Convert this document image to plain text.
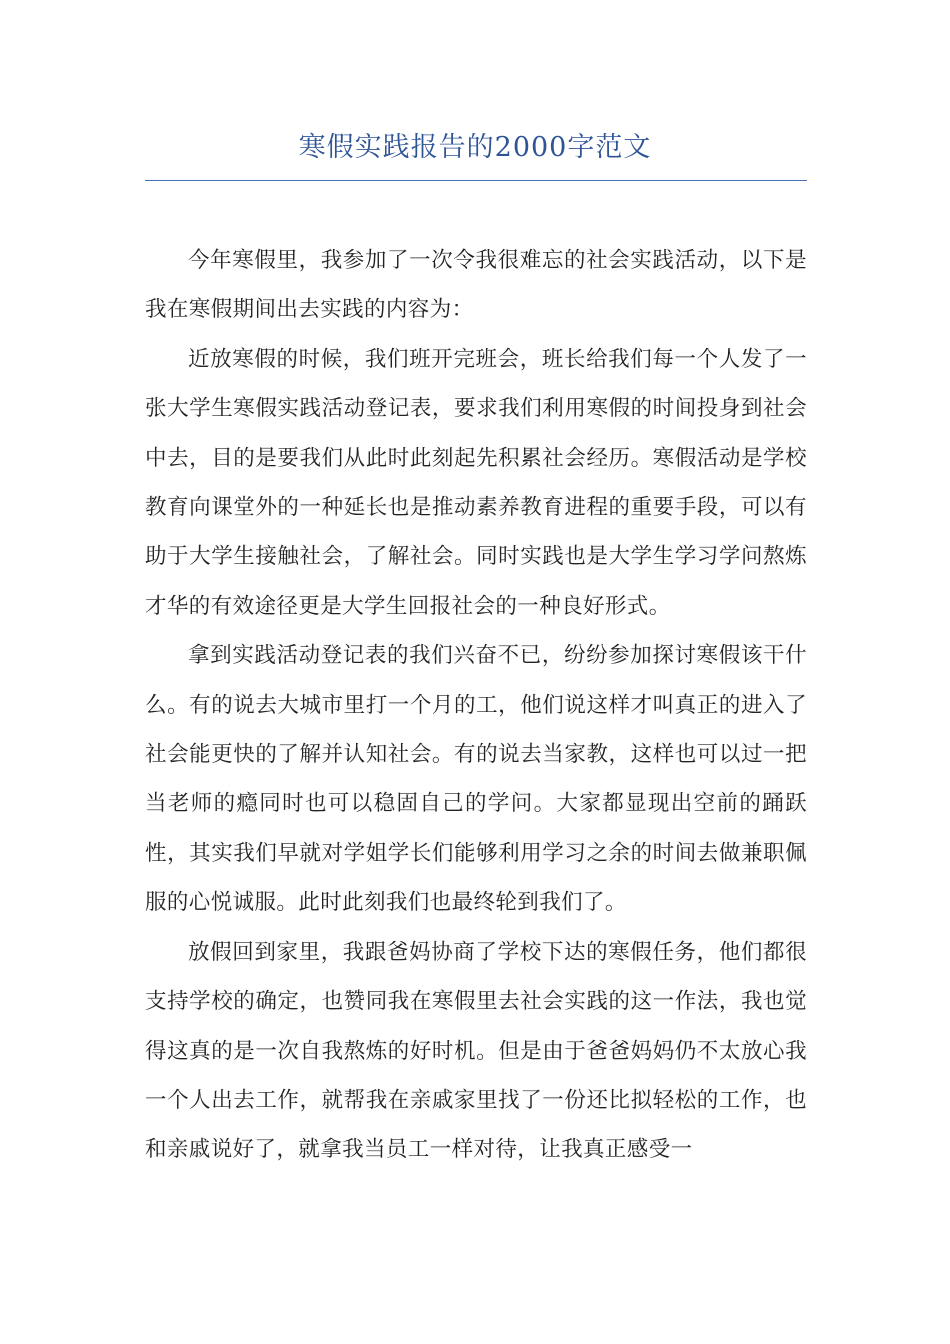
寒假实践报告的2000字范文

今年寒假里，我参加了一次令我很难忘的社会实践活动，以下是我在寒假期间出去实践的内容为：

近放寒假的时候，我们班开完班会，班长给我们每一个人发了一张大学生寒假实践活动登记表，要求我们利用寒假的时间投身到社会中去，目的是要我们从此时此刻起先积累社会经历。寒假活动是学校教育向课堂外的一种延长也是推动素养教育进程的重要手段，可以有助于大学生接触社会，了解社会。同时实践也是大学生学习学问熬炼才华的有效途径更是大学生回报社会的一种良好形式。

拿到实践活动登记表的我们兴奋不已，纷纷参加探讨寒假该干什么。有的说去大城市里打一个月的工，他们说这样才叫真正的进入了社会能更快的了解并认知社会。有的说去当家教，这样也可以过一把当老师的瘾同时也可以稳固自己的学问。大家都显现出空前的踊跃性，其实我们早就对学姐学长们能够利用学习之余的时间去做兼职佩服的心悦诚服。此时此刻我们也最终轮到我们了。

放假回到家里，我跟爸妈协商了学校下达的寒假任务，他们都很支持学校的确定，也赞同我在寒假里去社会实践的这一作法，我也觉得这真的是一次自我熬炼的好时机。但是由于爸爸妈妈仍不太放心我一个人出去工作，就帮我在亲戚家里找了一份还比拟轻松的工作，也和亲戚说好了，就拿我当员工一样对待，让我真正感受一
